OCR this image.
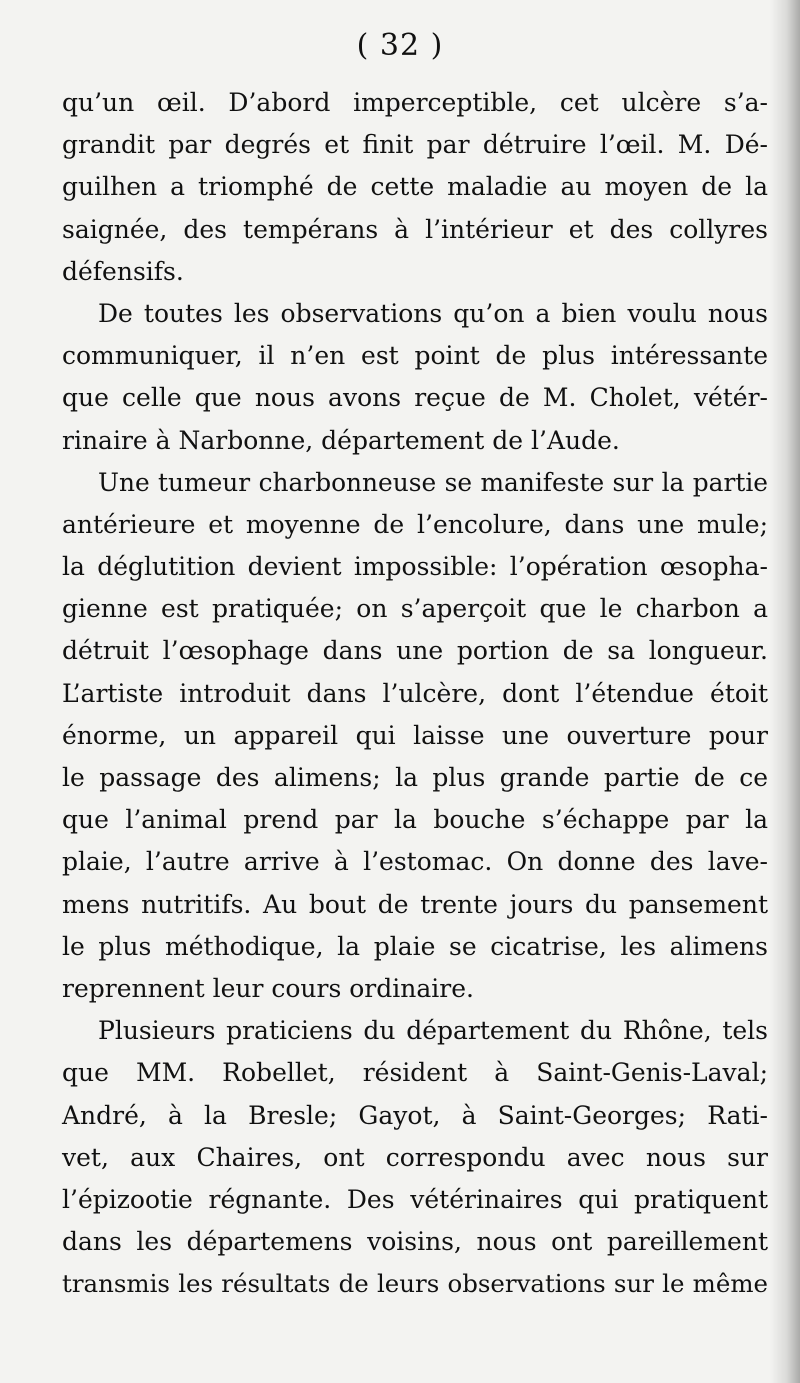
( 32 )
qu’un œil. D’abord imperceptible, cet ulcère s’a-
grandit par degrés et finit par détruire l’œil. M. Dé-
guilhen a triomphé de cette maladie au moyen de la
saignée, des tempérans à l’intérieur et des collyres
défensifs.
De toutes les observations qu’on a bien voulu nous
communiquer, il n’en est point de plus intéressante
que celle que nous avons reçue de M. Cholet, vétér-
rinaire à Narbonne, département de l’Aude.
Une tumeur charbonneuse se manifeste sur la partie
antérieure et moyenne de l’encolure, dans une mule;
la déglutition devient impossible: l’opération œsopha-
gienne est pratiquée; on s’aperçoit que le charbon a
détruit l’œsophage dans une portion de sa longueur.
L’artiste introduit dans l’ulcère, dont l’étendue étoit
énorme, un appareil qui laisse une ouverture pour
le passage des alimens; la plus grande partie de ce
que l’animal prend par la bouche s’échappe par la
plaie, l’autre arrive à l’estomac. On donne des lave-
mens nutritifs. Au bout de trente jours du pansement
le plus méthodique, la plaie se cicatrise, les alimens
reprennent leur cours ordinaire.
Plusieurs praticiens du département du Rhône, tels
que MM. Robellet, résident à Saint-Genis-Laval;
André, à la Bresle; Gayot, à Saint-Georges; Rati-
vet, aux Chaires, ont correspondu avec nous sur
l’épizootie régnante. Des vétérinaires qui pratiquent
dans les départemens voisins, nous ont pareillement
transmis les résultats de leurs observations sur le même
